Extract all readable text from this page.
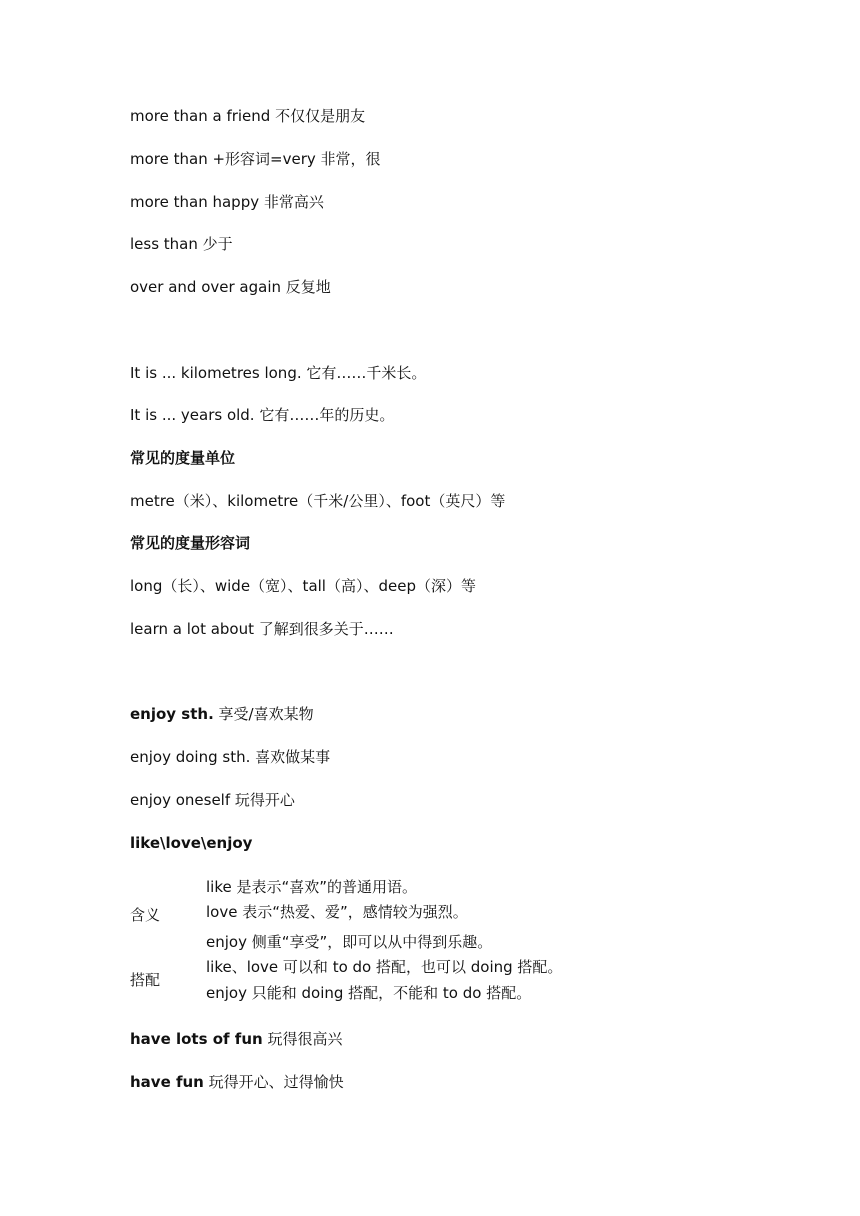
more than a friend 不仅仅是朋友
more than +形容词=very 非常，很
more than happy 非常高兴
less than 少于
over and over again 反复地
It is ... kilometres long. 它有……千米长。
It is ... years old. 它有……年的历史。
常见的度量单位
metre（米）、kilometre（千米/公里）、foot（英尺）等
常见的度量形容词
long（长）、wide（宽）、tall（高）、deep（深）等
learn a lot about 了解到很多关于……
enjoy sth. 享受/喜欢某物
enjoy doing sth. 喜欢做某事
enjoy oneself 玩得开心
like\love\enjoy
含义
like 是表示“喜欢”的普通用语。
love 表示“热爱、爱”，感情较为强烈。
enjoy 侧重“享受”，即可以从中得到乐趣。
搭配
like、love 可以和 to do 搭配，也可以 doing 搭配。
enjoy 只能和 doing 搭配，不能和 to do 搭配。
have lots of fun 玩得很高兴
have fun 玩得开心、过得愉快
